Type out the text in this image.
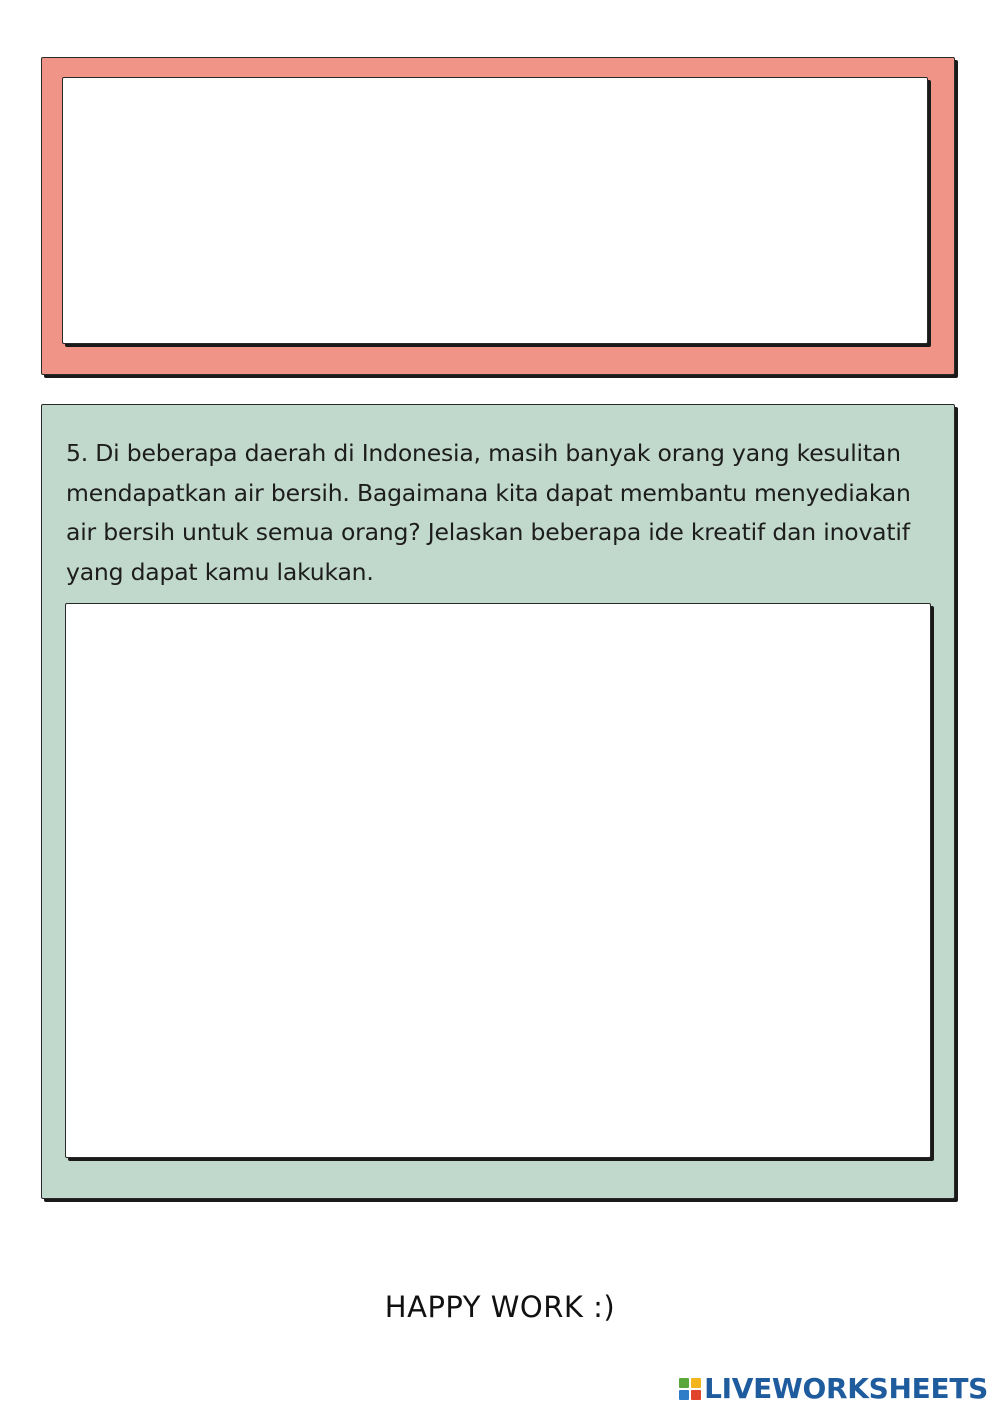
5. Di beberapa daerah di Indonesia, masih banyak orang yang kesulitan mendapatkan air bersih. Bagaimana kita dapat membantu menyediakan air bersih untuk semua orang? Jelaskan beberapa ide kreatif dan inovatif yang dapat kamu lakukan.
HAPPY WORK :)
LIVEWORKSHEETS
